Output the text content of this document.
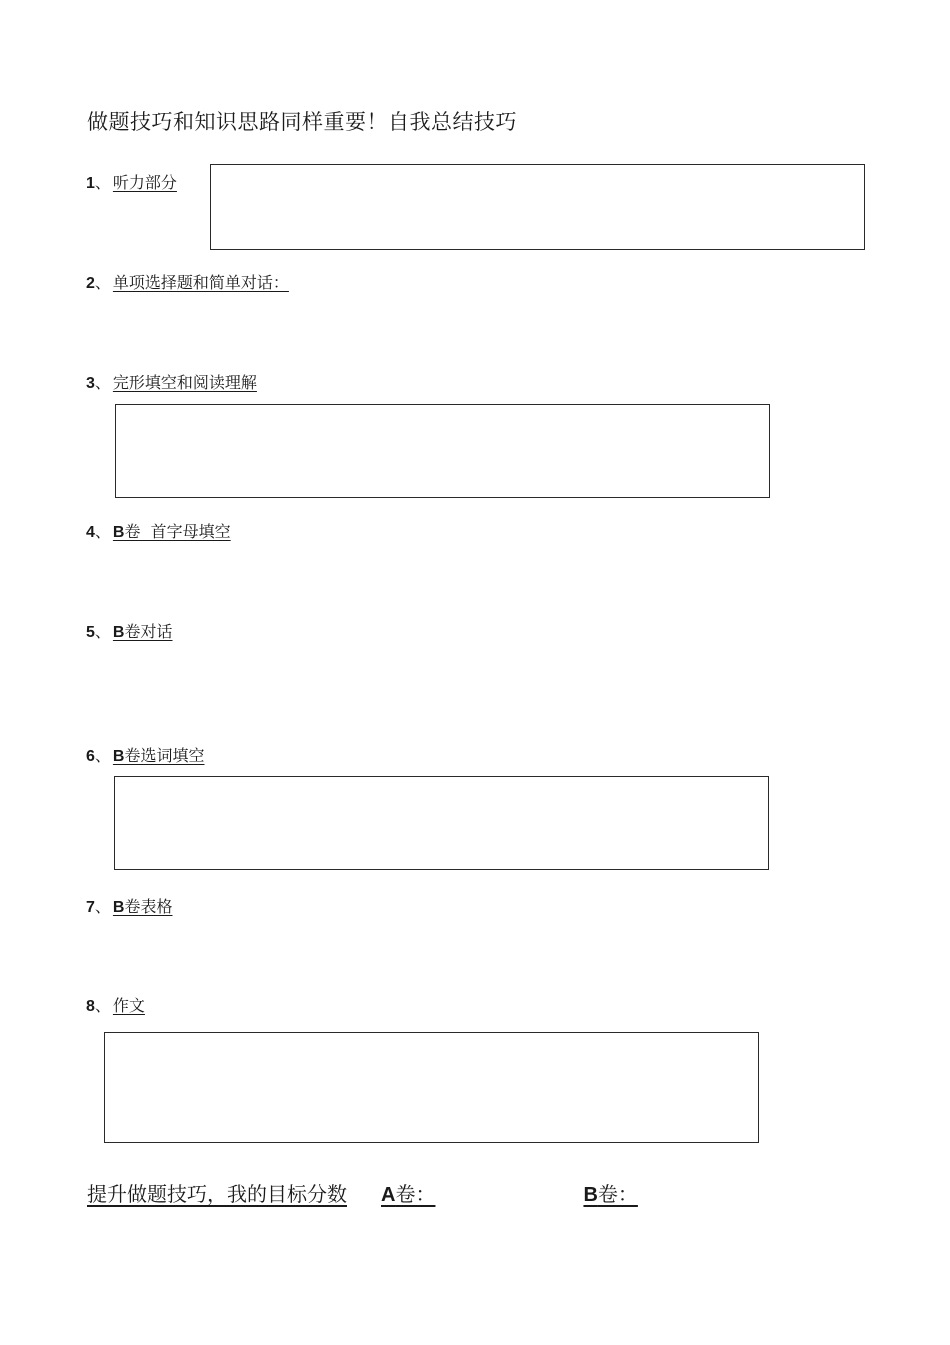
做题技巧和知识思路同样重要！自我总结技巧
1、 听力部分
2、 单项选择题和简单对话：
3、 完形填空和阅读理解
4、 B卷  首字母填空
5、 B卷对话
6、 B卷选词填空
7、 B卷表格
8、 作文
提升做题技巧，我的目标分数 A卷：	B卷：
